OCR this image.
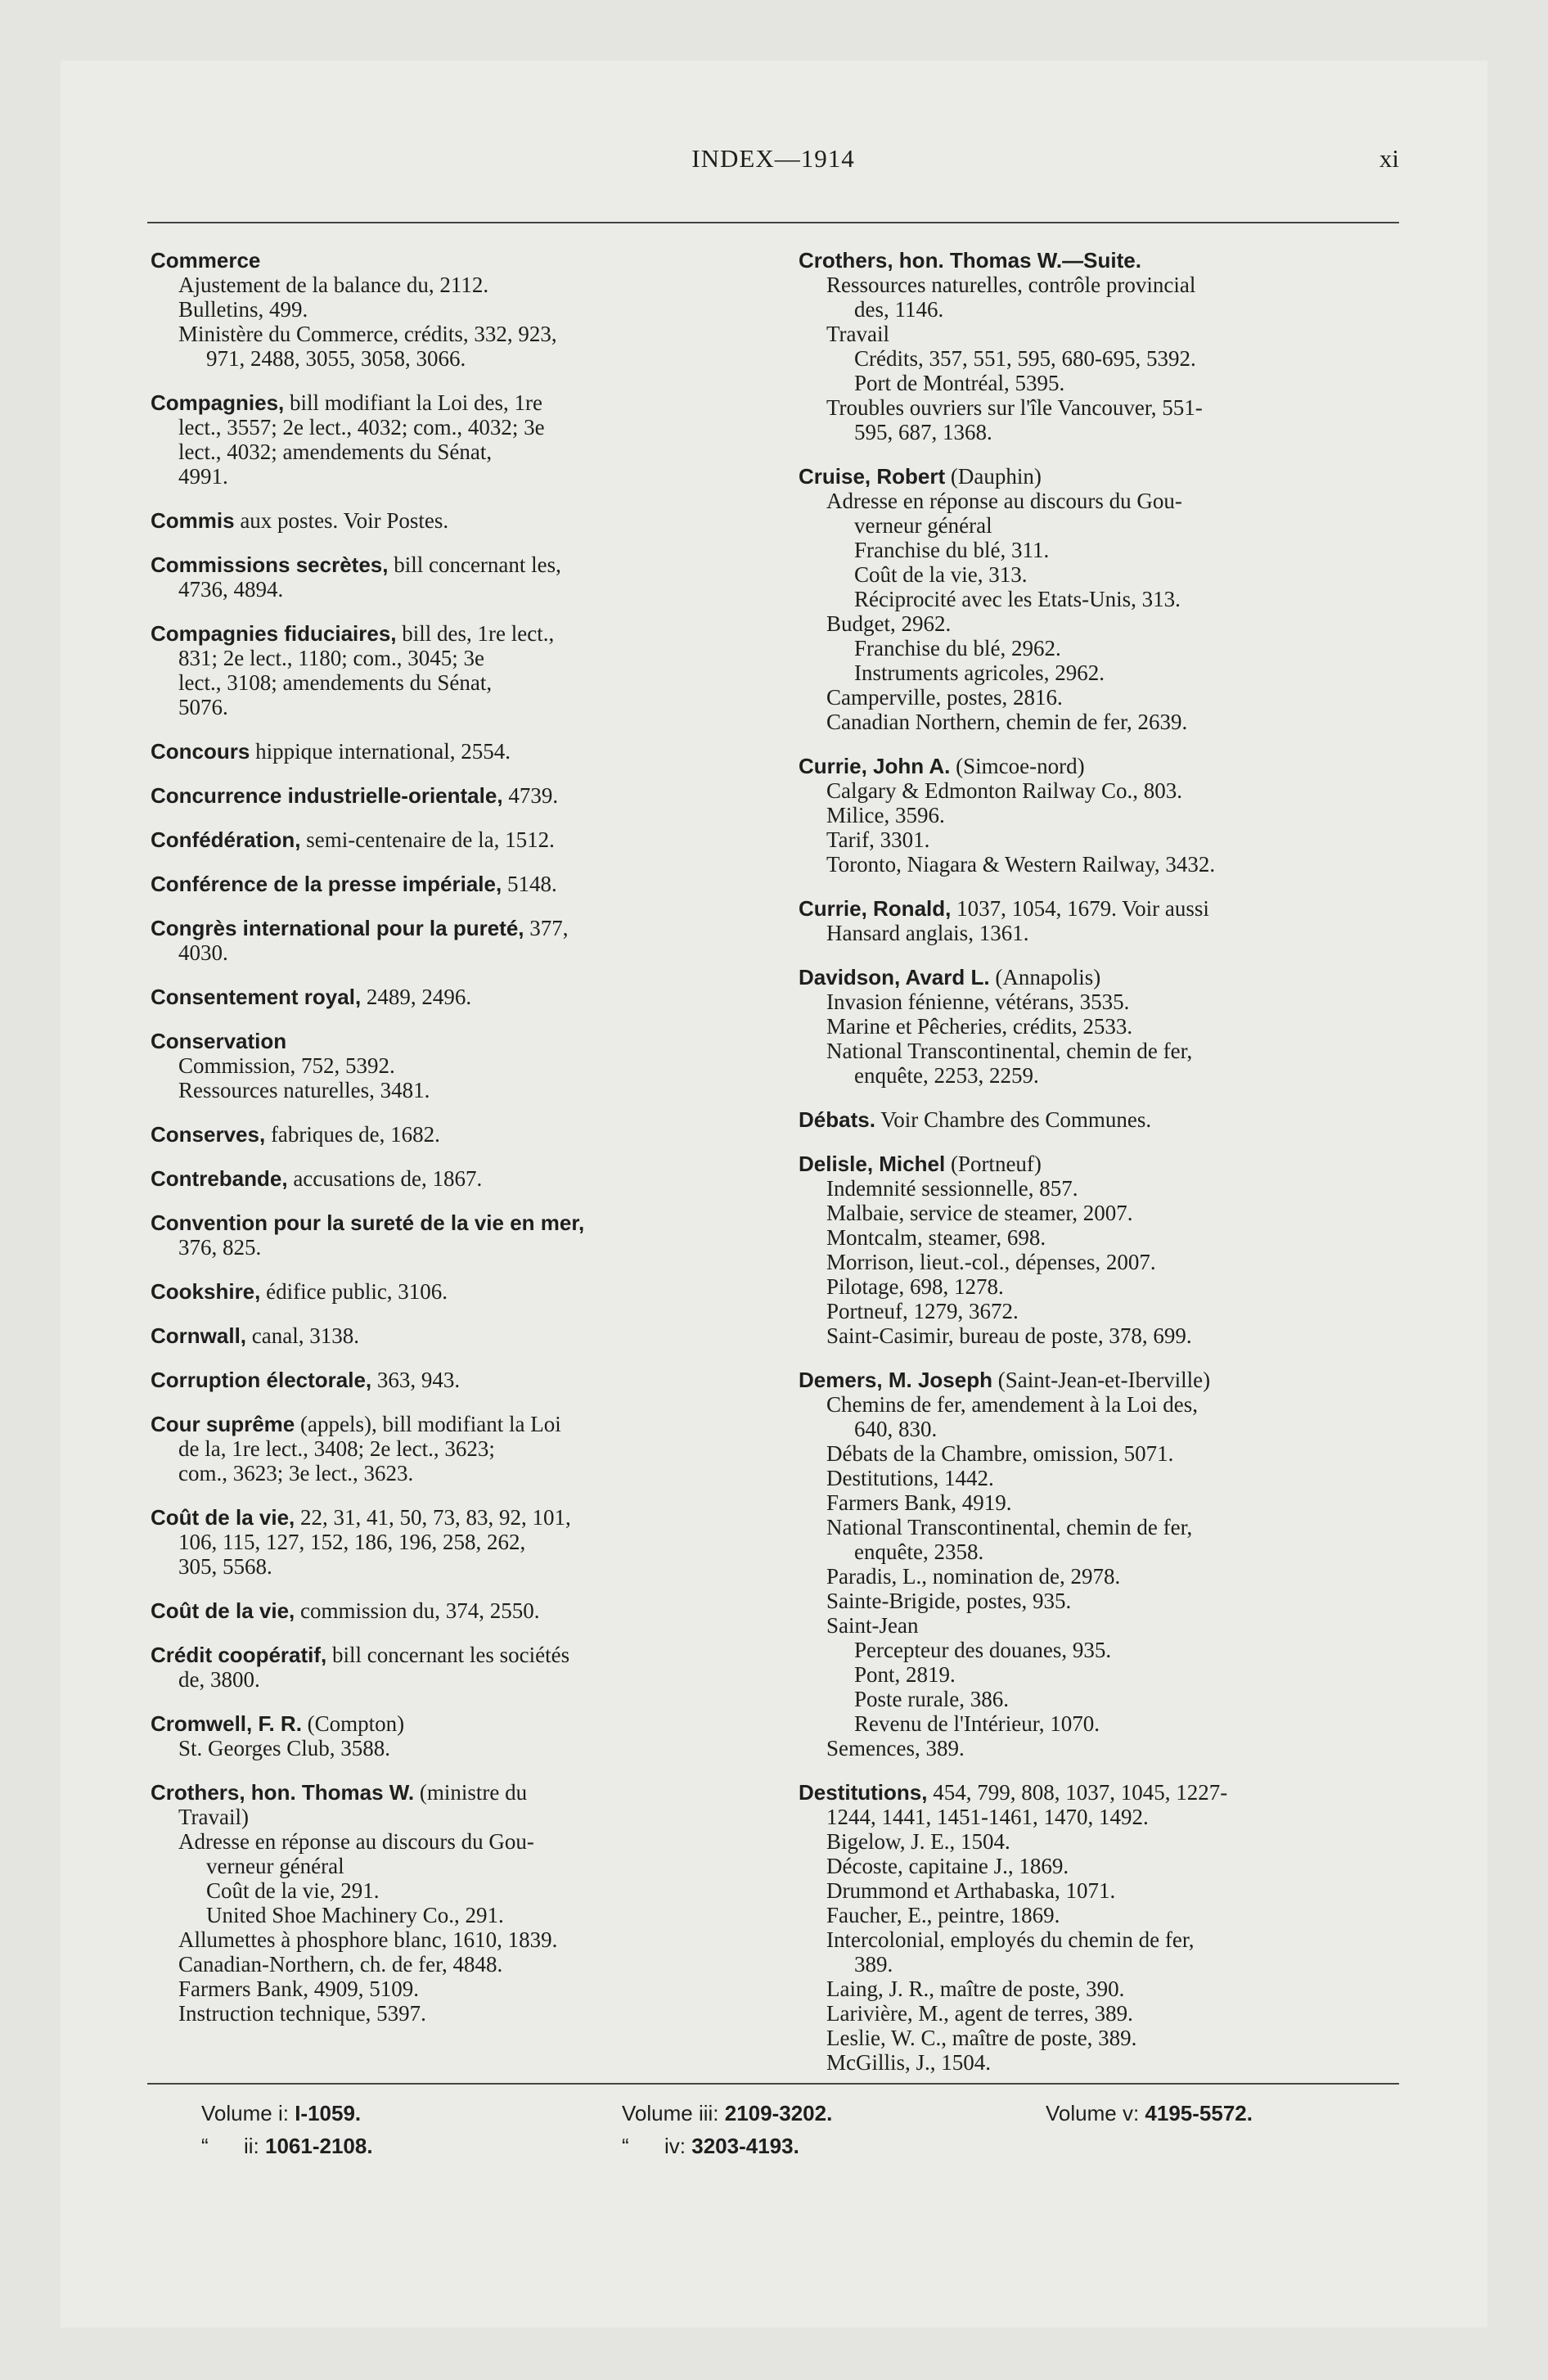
INDEX—1914	xi
Commerce
Ajustement de la balance du, 2112.
Bulletins, 499.
Ministère du Commerce, crédits, 332, 923,
971, 2488, 3055, 3058, 3066.
Compagnies, bill modifiant la Loi des, 1re
lect., 3557; 2e lect., 4032; com., 4032; 3e
lect., 4032; amendements du Sénat,
4991.
Commis aux postes. Voir Postes.
Commissions secrètes, bill concernant les,
4736, 4894.
Compagnies fiduciaires, bill des, 1re lect.,
831; 2e lect., 1180; com., 3045; 3e
lect., 3108; amendements du Sénat,
5076.
Concours hippique international, 2554.
Concurrence industrielle-orientale, 4739.
Confédération, semi-centenaire de la, 1512.
Conférence de la presse impériale, 5148.
Congrès international pour la pureté, 377,
4030.
Consentement royal, 2489, 2496.
Conservation
Commission, 752, 5392.
Ressources naturelles, 3481.
Conserves, fabriques de, 1682.
Contrebande, accusations de, 1867.
Convention pour la sureté de la vie en mer,
376, 825.
Cookshire, édifice public, 3106.
Cornwall, canal, 3138.
Corruption électorale, 363, 943.
Cour suprême (appels), bill modifiant la Loi
de la, 1re lect., 3408; 2e lect., 3623;
com., 3623; 3e lect., 3623.
Coût de la vie, 22, 31, 41, 50, 73, 83, 92, 101,
106, 115, 127, 152, 186, 196, 258, 262,
305, 5568.
Coût de la vie, commission du, 374, 2550.
Crédit coopératif, bill concernant les sociétés
de, 3800.
Cromwell, F. R. (Compton)
St. Georges Club, 3588.
Crothers, hon. Thomas W. (ministre du
Travail)
Adresse en réponse au discours du Gou-
verneur général
Coût de la vie, 291.
United Shoe Machinery Co., 291.
Allumettes à phosphore blanc, 1610, 1839.
Canadian-Northern, ch. de fer, 4848.
Farmers Bank, 4909, 5109.
Instruction technique, 5397.
Crothers, hon. Thomas W.—Suite.
Ressources naturelles, contrôle provincial
des, 1146.
Travail
Crédits, 357, 551, 595, 680-695, 5392.
Port de Montréal, 5395.
Troubles ouvriers sur l'île Vancouver, 551-
595, 687, 1368.
Cruise, Robert (Dauphin)
Adresse en réponse au discours du Gou-
verneur général
Franchise du blé, 311.
Coût de la vie, 313.
Réciprocité avec les Etats-Unis, 313.
Budget, 2962.
Franchise du blé, 2962.
Instruments agricoles, 2962.
Camperville, postes, 2816.
Canadian Northern, chemin de fer, 2639.
Currie, John A. (Simcoe-nord)
Calgary & Edmonton Railway Co., 803.
Milice, 3596.
Tarif, 3301.
Toronto, Niagara & Western Railway, 3432.
Currie, Ronald, 1037, 1054, 1679. Voir aussi
Hansard anglais, 1361.
Davidson, Avard L. (Annapolis)
Invasion fénienne, vétérans, 3535.
Marine et Pêcheries, crédits, 2533.
National Transcontinental, chemin de fer,
enquête, 2253, 2259.
Débats. Voir Chambre des Communes.
Delisle, Michel (Portneuf)
Indemnité sessionnelle, 857.
Malbaie, service de steamer, 2007.
Montcalm, steamer, 698.
Morrison, lieut.-col., dépenses, 2007.
Pilotage, 698, 1278.
Portneuf, 1279, 3672.
Saint-Casimir, bureau de poste, 378, 699.
Demers, M. Joseph (Saint-Jean-et-Iberville)
Chemins de fer, amendement à la Loi des,
640, 830.
Débats de la Chambre, omission, 5071.
Destitutions, 1442.
Farmers Bank, 4919.
National Transcontinental, chemin de fer,
enquête, 2358.
Paradis, L., nomination de, 2978.
Sainte-Brigide, postes, 935.
Saint-Jean
Percepteur des douanes, 935.
Pont, 2819.
Poste rurale, 386.
Revenu de l'Intérieur, 1070.
Semences, 389.
Destitutions, 454, 799, 808, 1037, 1045, 1227-
1244, 1441, 1451-1461, 1470, 1492.
Bigelow, J. E., 1504.
Décoste, capitaine J., 1869.
Drummond et Arthabaska, 1071.
Faucher, E., peintre, 1869.
Intercolonial, employés du chemin de fer,
389.
Laing, J. R., maître de poste, 390.
Larivière, M., agent de terres, 389.
Leslie, W. C., maître de poste, 389.
McGillis, J., 1504.
Volume i: I-1059.
“      ii: 1061-2108.
Volume iii: 2109-3202.
“      iv: 3203-4193.
Volume v: 4195-5572.
